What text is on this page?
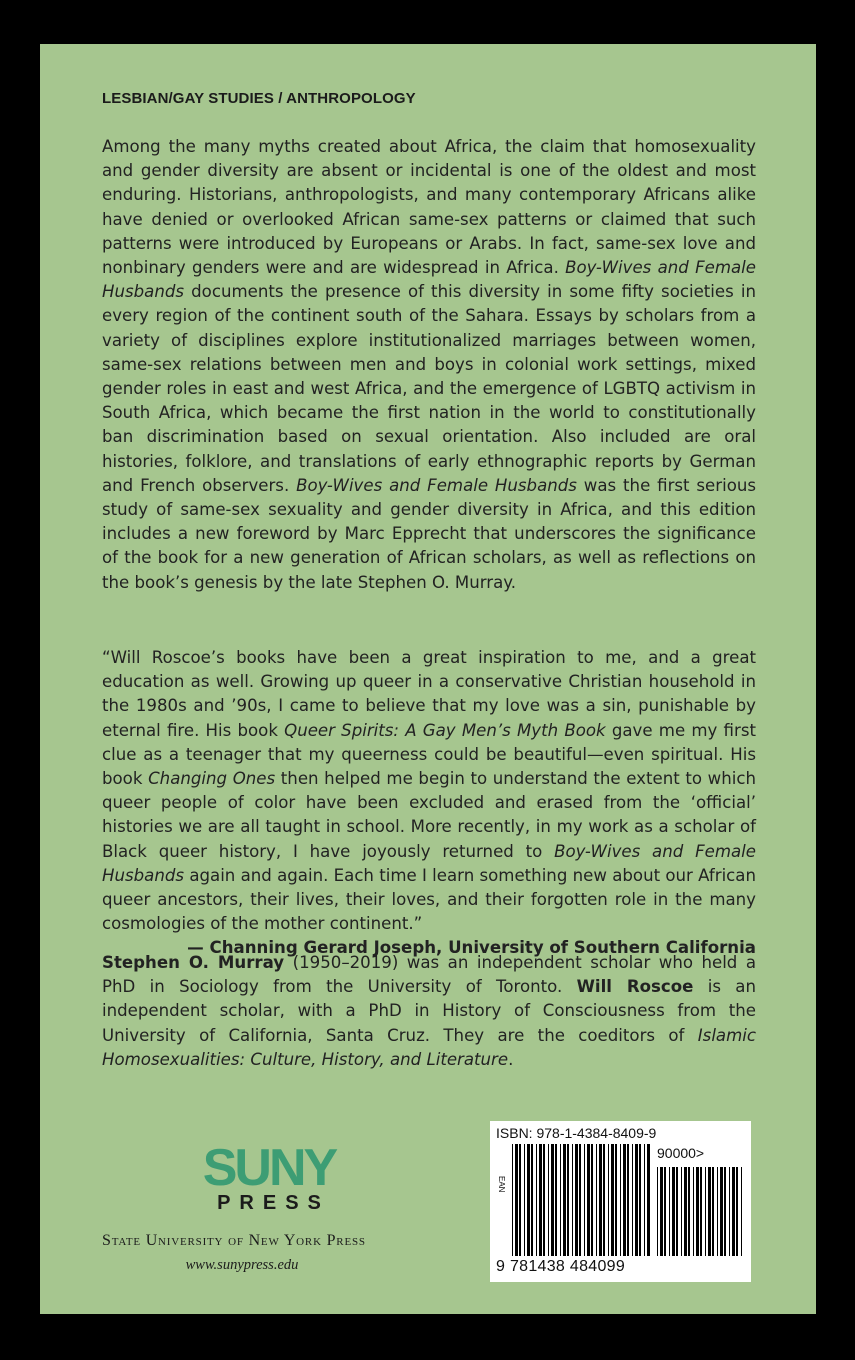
LESBIAN/GAY STUDIES / ANTHROPOLOGY

Among the many myths created about Africa, the claim that homosexuality and gender diversity are absent or incidental is one of the oldest and most enduring. Historians, anthropologists, and many contemporary Africans alike have denied or overlooked African same-sex patterns or claimed that such patterns were introduced by Europeans or Arabs. In fact, same-sex love and nonbinary genders were and are widespread in Africa. Boy-Wives and Female Husbands documents the presence of this diversity in some fifty societies in every region of the continent south of the Sahara. Essays by scholars from a variety of disciplines explore institutionalized marriages between women, same-sex relations between men and boys in colonial work settings, mixed gender roles in east and west Africa, and the emergence of LGBTQ activism in South Africa, which became the first nation in the world to constitutionally ban discrimination based on sexual orientation. Also included are oral histories, folklore, and translations of early ethnographic reports by German and French observers. Boy-Wives and Female Husbands was the first serious study of same-sex sexuality and gender diversity in Africa, and this edition includes a new foreword by Marc Epprecht that underscores the significance of the book for a new generation of African scholars, as well as reflections on the book’s genesis by the late Stephen O. Murray.

“Will Roscoe’s books have been a great inspiration to me, and a great education as well. Growing up queer in a conservative Christian household in the 1980s and ’90s, I came to believe that my love was a sin, punishable by eternal fire. His book Queer Spirits: A Gay Men’s Myth Book gave me my first clue as a teenager that my queerness could be beautiful—even spiritual. His book Changing Ones then helped me begin to understand the extent to which queer people of color have been excluded and erased from the ‘official’ histories we are all taught in school. More recently, in my work as a scholar of Black queer history, I have joyously returned to Boy-Wives and Female Husbands again and again. Each time I learn something new about our African queer ancestors, their lives, their loves, and their forgotten role in the many cosmologies of the mother continent.”

— Channing Gerard Joseph, University of Southern California

Stephen O. Murray (1950–2019) was an independent scholar who held a PhD in Sociology from the University of Toronto. Will Roscoe is an independent scholar, with a PhD in History of Consciousness from the University of California, Santa Cruz. They are the coeditors of Islamic Homosexualities: Culture, History, and Literature.

SUNY
PRESS
State University of New York Press
www.sunypress.edu
ISBN: 978-1-4384-8409-9
EAN
90000>
9 781438 484099
